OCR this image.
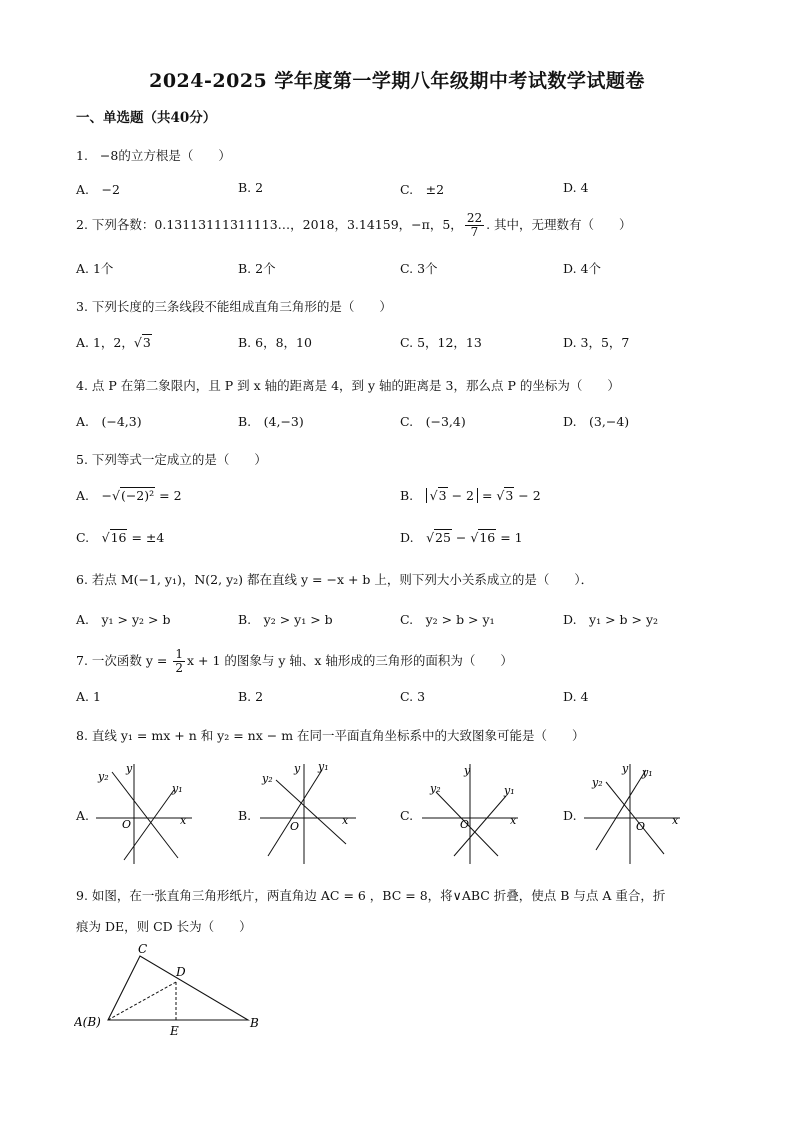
2024-2025 学年度第一学期八年级期中考试数学试题卷
一、单选题（共40分）
1. −8的立方根是（　　）
A.　−2	B. 2	C.　±2	D. 4
2. 下列各数：0.13113111311113…，2018，3.14159，−π，5， $\frac{22}{7}$ . 其中，无理数有（　　）
A. 1个	B. 2个	C. 3个	D. 4个
3. 下列长度的三条线段不能组成直角三角形的是（　　）
A. 1，2，√3	B. 6，8，10	C. 5，12，13	D. 3，5，7
4. 点 P 在第二象限内，且 P 到 x 轴的距离是 4，到 y 轴的距离是 3，那么点 P 的坐标为（　　）
A.　(−4,3)	B.　(4,−3)	C.　(−3,4)	D.　(3,−4)
5. 下列等式一定成立的是（　　）
A.　−√(−2)² = 2	B.　√3 − 2 = √3 − 2
C.　√16 = ±4	D.　√25 − √16 = 1
6. 若点 M(−1, y₁)，N(2, y₂) 都在直线 y = −x + b 上，则下列大小关系成立的是（　　）．
A.　y₁ > y₂ > b	B.　y₂ > y₁ > b	C.　y₂ > b > y₁	D.　y₁ > b > y₂
7. 一次函数 $y = \frac{1}{2}$ x + 1 的图象与 y 轴、x 轴形成的三角形的面积为（　　）
A. 1	B. 2	C. 3	D. 4
8. 直线 y₁ = mx + n 和 y₂ = nx − m 在同一平面直角坐标系中的大致图象可能是（　　）
A.	B.	C.	D.
y₂
y
y₁
O	x
y₂
y y₁
O	x
y₂
y
y₁
O	x
y₂
y y₁
O x
9. 如图，在一张直角三角形纸片，两直角边 AC = 6 ，BC = 8，将∨ABC 折叠，使点 B 与点 A 重合，折
痕为 DE，则 CD 长为（　　）
C
D
A(B)
E
B
